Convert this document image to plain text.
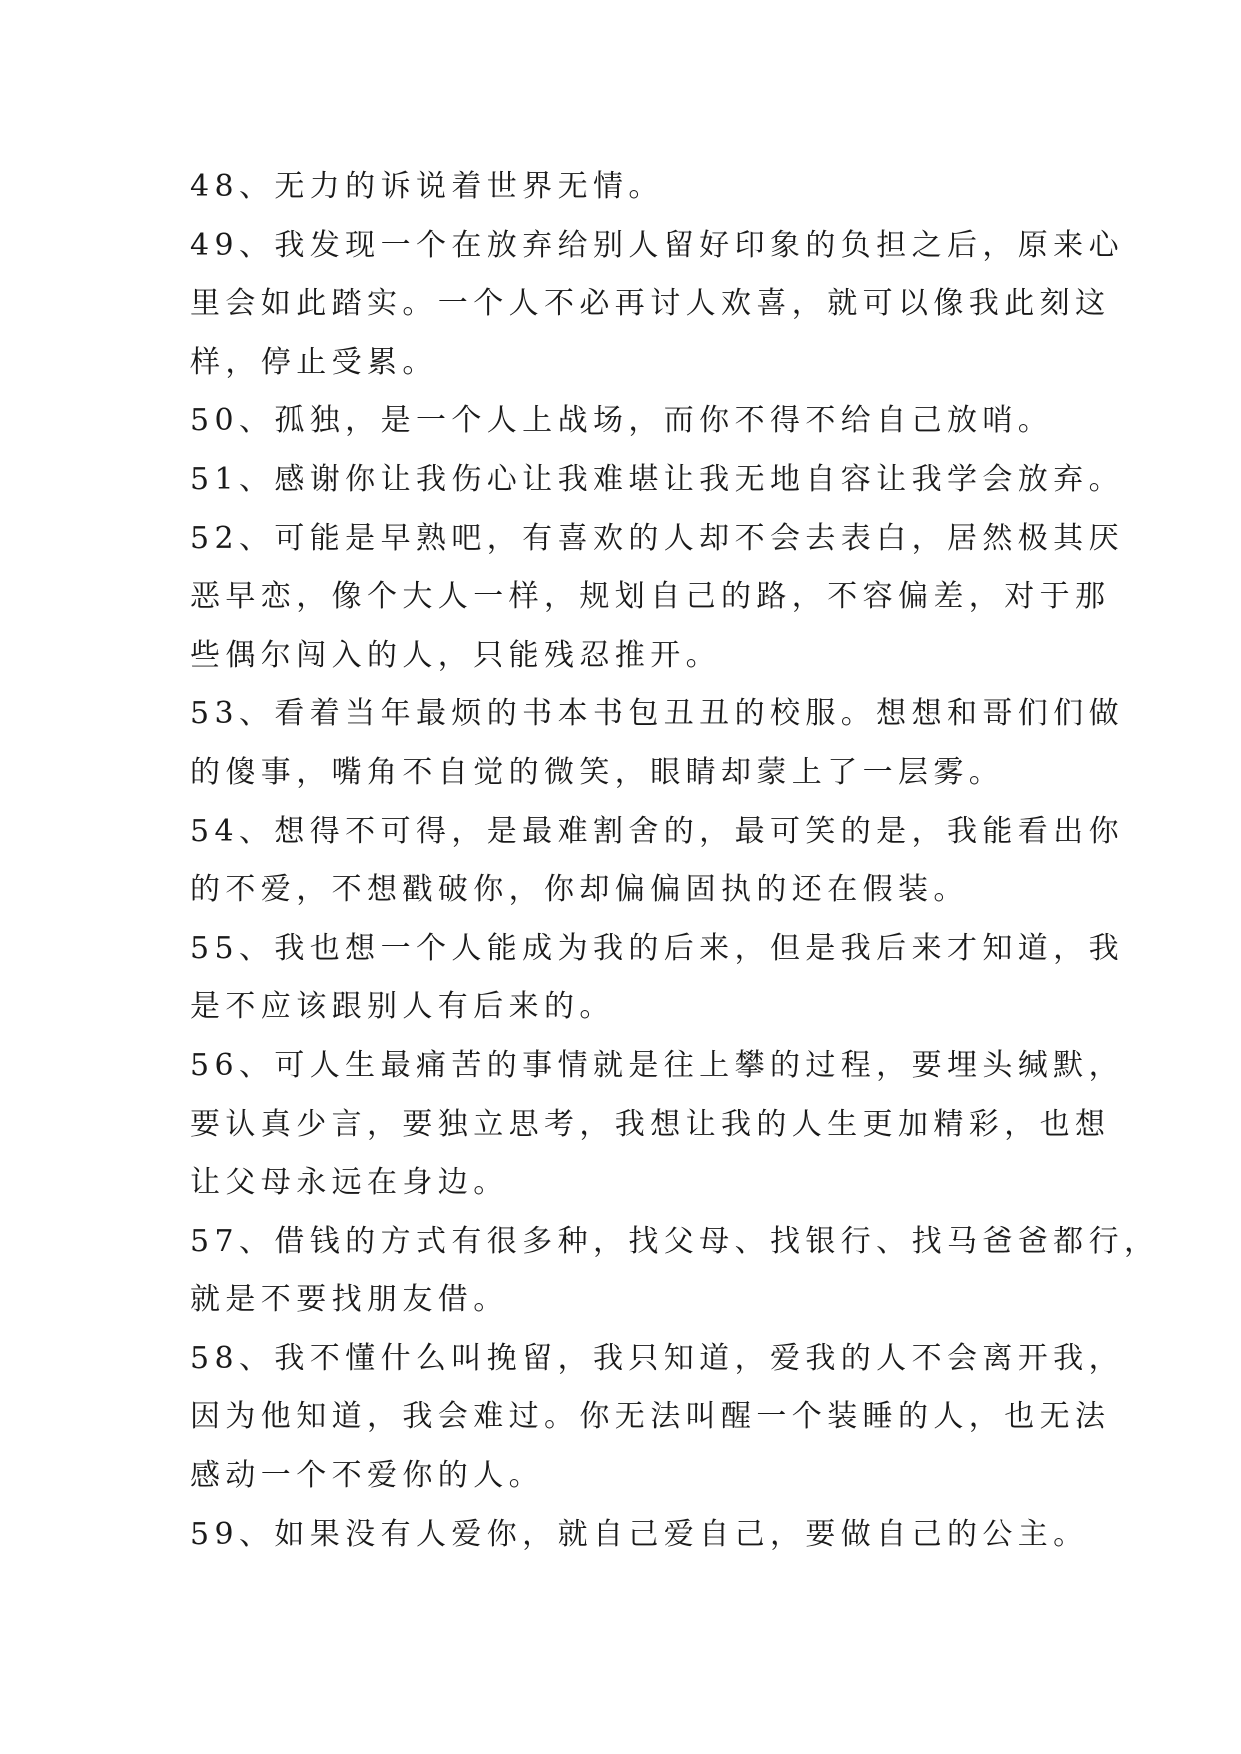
48、无力的诉说着世界无情。
49、我发现一个在放弃给别人留好印象的负担之后，原来心
里会如此踏实。一个人不必再讨人欢喜，就可以像我此刻这
样，停止受累。
50、孤独，是一个人上战场，而你不得不给自己放哨。
51、感谢你让我伤心让我难堪让我无地自容让我学会放弃。
52、可能是早熟吧，有喜欢的人却不会去表白，居然极其厌
恶早恋，像个大人一样，规划自己的路，不容偏差，对于那
些偶尔闯入的人，只能残忍推开。
53、看着当年最烦的书本书包丑丑的校服。想想和哥们们做
的傻事，嘴角不自觉的微笑，眼睛却蒙上了一层雾。
54、想得不可得，是最难割舍的，最可笑的是，我能看出你
的不爱，不想戳破你，你却偏偏固执的还在假装。
55、我也想一个人能成为我的后来，但是我后来才知道，我
是不应该跟别人有后来的。
56、可人生最痛苦的事情就是往上攀的过程，要埋头缄默，
要认真少言，要独立思考，我想让我的人生更加精彩，也想
让父母永远在身边。
57、借钱的方式有很多种，找父母、找银行、找马爸爸都行，
就是不要找朋友借。
58、我不懂什么叫挽留，我只知道，爱我的人不会离开我，
因为他知道，我会难过。你无法叫醒一个装睡的人，也无法
感动一个不爱你的人。
59、如果没有人爱你，就自己爱自己，要做自己的公主。
